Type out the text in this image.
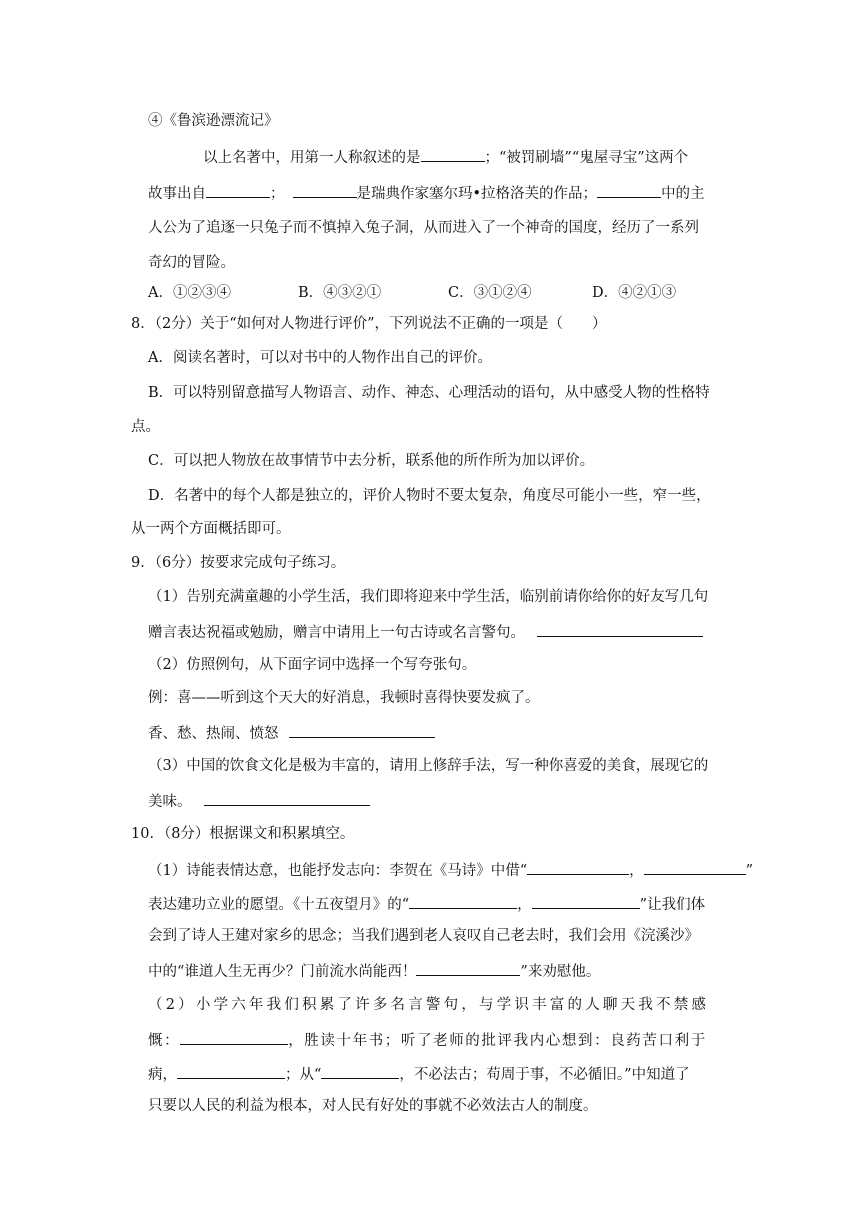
④《鲁滨逊漂流记》
以上名著中，用第一人称叙述的是	；“被罚刷墙”“鬼屋寻宝”这两个
故事出自	；	是瑞典作家塞尔玛•拉格洛芙的作品；	中的主
人公为了追逐一只兔子而不慎掉入兔子洞，从而进入了一个神奇的国度，经历了一系列
奇幻的冒险。
A．①②③④	B．④③②①	C．③①②④	D．④②①③
8．（2分）关于“如何对人物进行评价”，下列说法不正确的一项是（　　）
A．阅读名著时，可以对书中的人物作出自己的评价。
B．可以特别留意描写人物语言、动作、神态、心理活动的语句，从中感受人物的性格特
点。
C．可以把人物放在故事情节中去分析，联系他的所作所为加以评价。
D．名著中的每个人都是独立的，评价人物时不要太复杂，角度尽可能小一些，窄一些，
从一两个方面概括即可。
9．（6分）按要求完成句子练习。
（1）告别充满童趣的小学生活，我们即将迎来中学生活，临别前请你给你的好友写几句
赠言表达祝福或勉励，赠言中请用上一句古诗或名言警句。
（2）仿照例句，从下面字词中选择一个写夸张句。
例：喜——听到这个天大的好消息，我顿时喜得快要发疯了。
香、愁、热闹、愤怒
（3）中国的饮食文化是极为丰富的，请用上修辞手法，写一种你喜爱的美食，展现它的
美味。
10．（8分）根据课文和积累填空。
（1）诗能表情达意，也能抒发志向：李贺在《马诗》中借“	，	”
表达建功立业的愿望。《十五夜望月》的“	，	”让我们体
会到了诗人王建对家乡的思念；当我们遇到老人哀叹自己老去时，我们会用《浣溪沙》
中的“谁道人生无再少？门前流水尚能西！	”来劝慰他。
（2）小学六年我们积累了许多名言警句，与学识丰富的人聊天我不禁感
慨：	，胜读十年书；听了老师的批评我内心想到：良药苦口利于
病，	；从“	，不必法古；苟周于事，不必循旧。”中知道了
只要以人民的利益为根本，对人民有好处的事就不必效法古人的制度。
